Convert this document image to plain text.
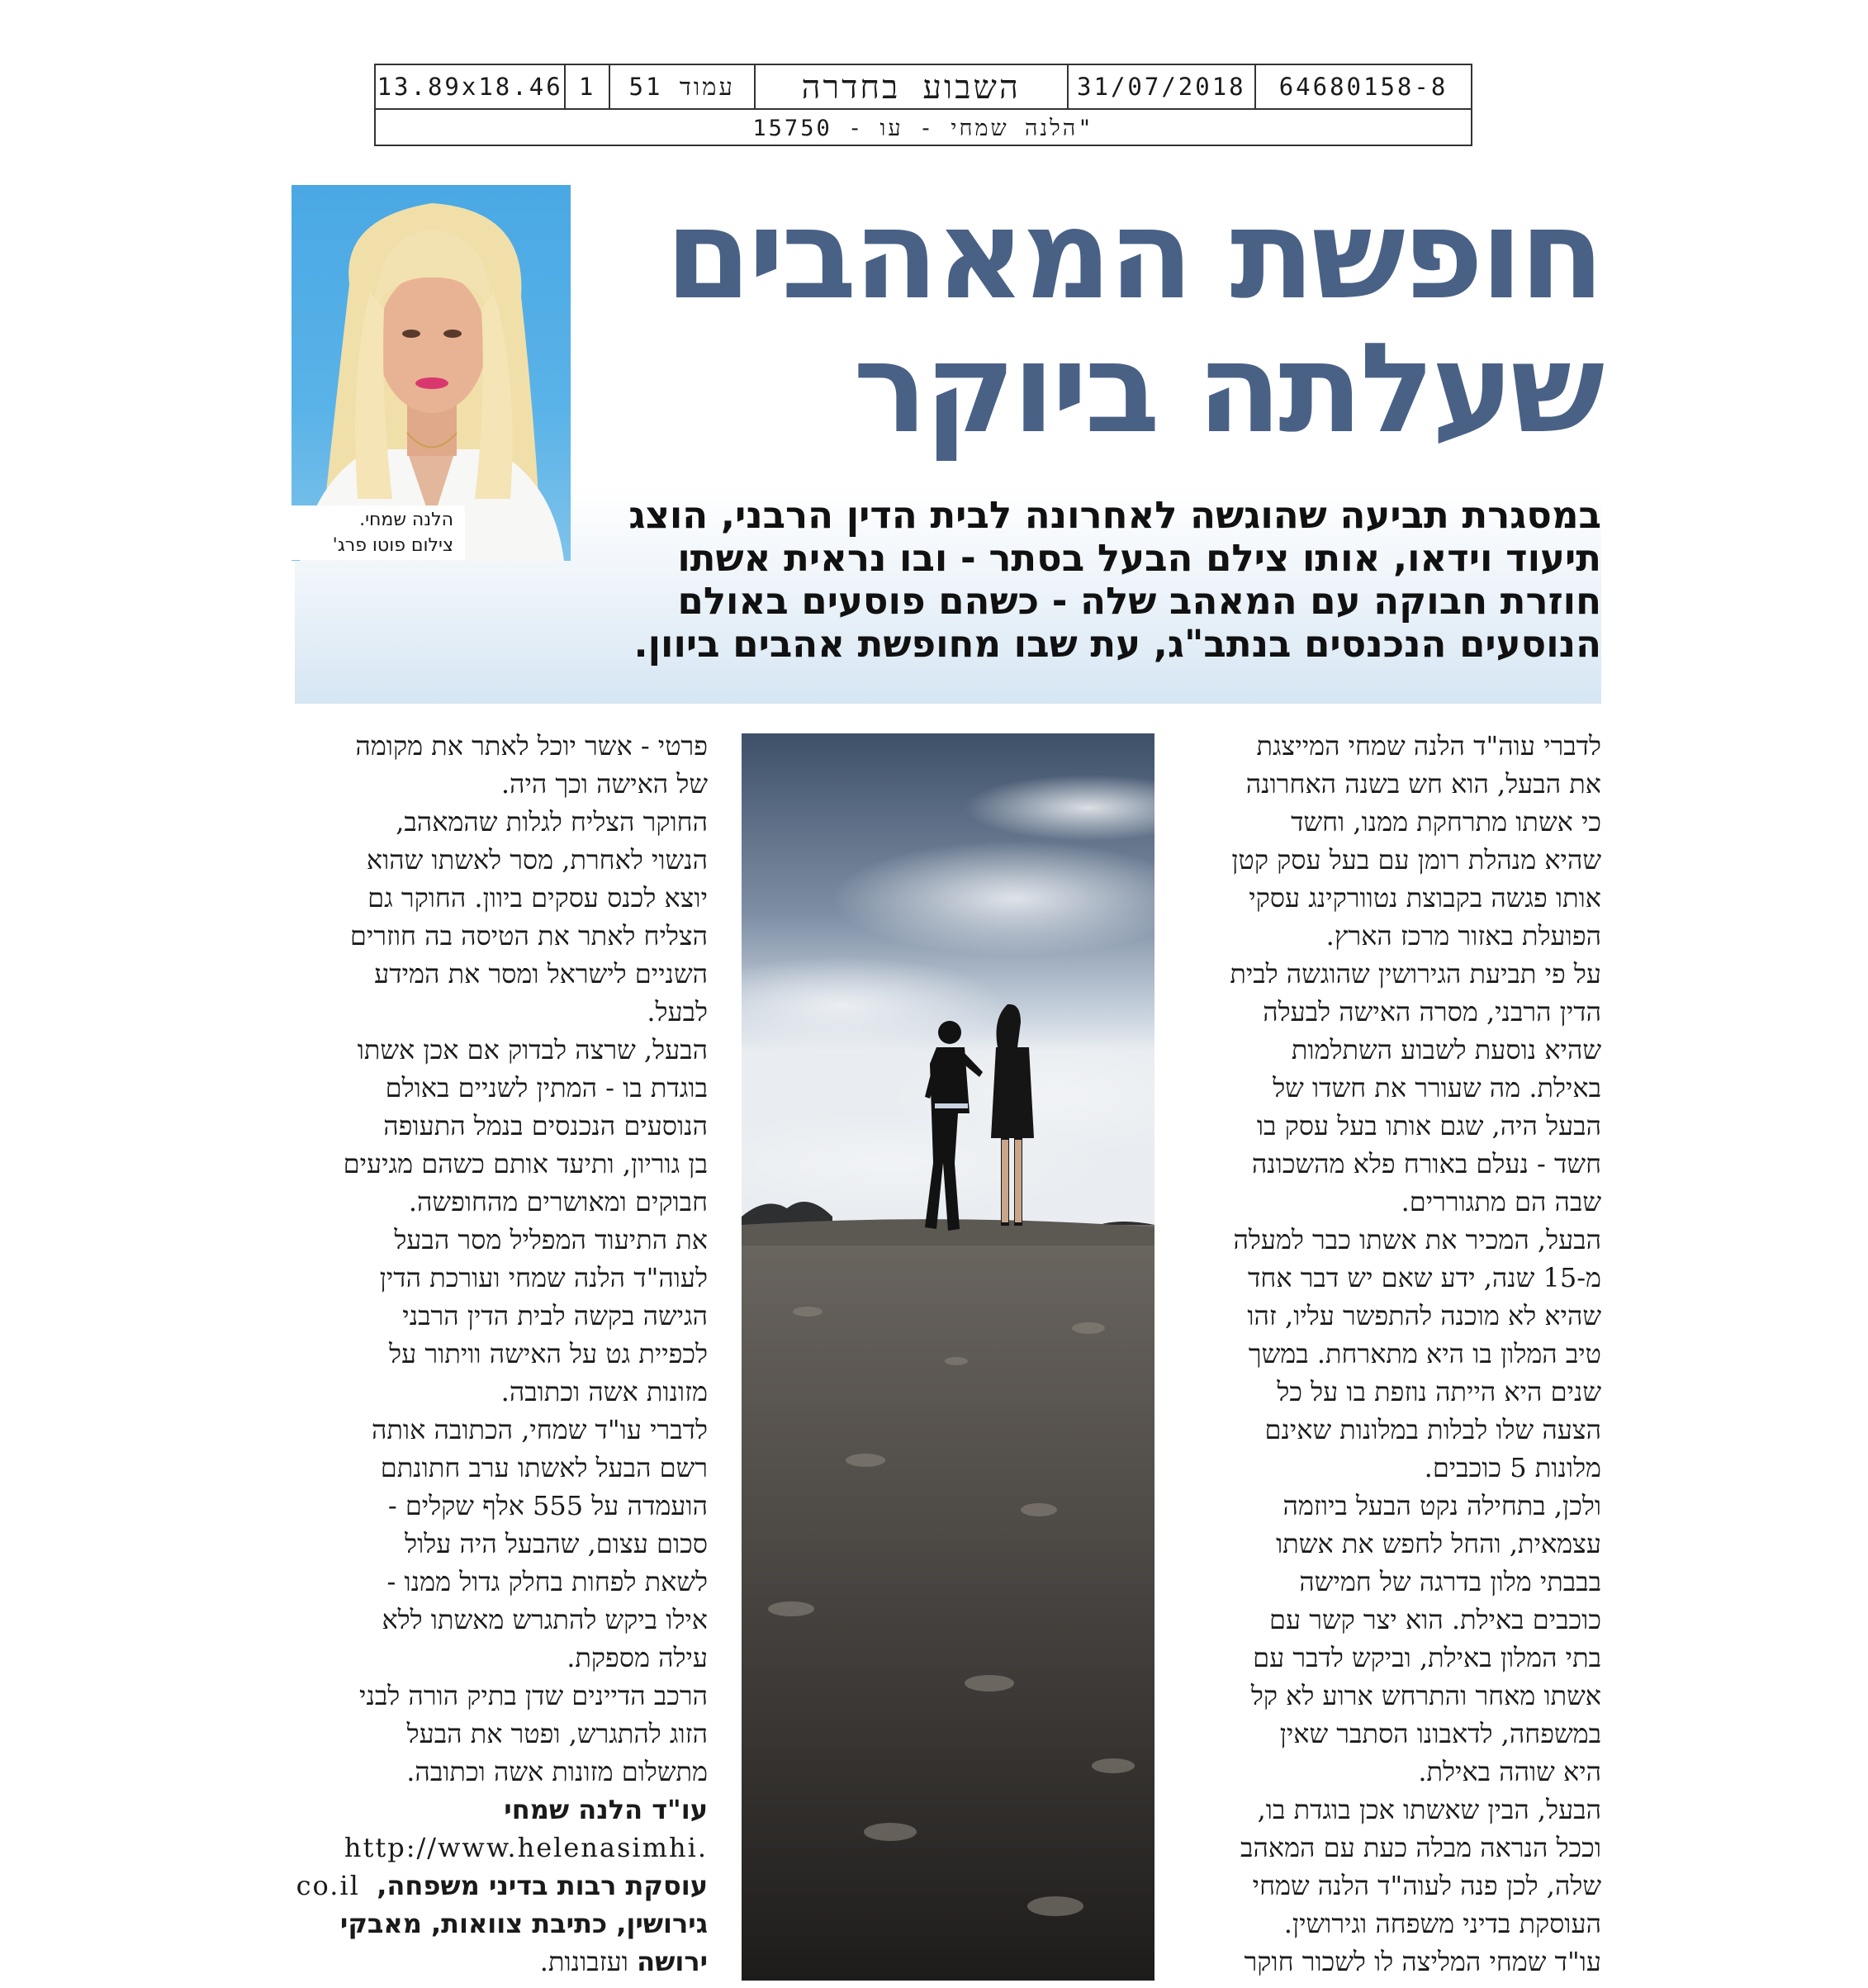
13.89x18.46 1	עמוד 51	השבוע בחדרה	31/07/2018	64680158-8
"הלנה שמחי - עו - 15750
חופשת המאהבים
שעלתה ביוקר
הלנה שמחי.
צילום פוטו פרג'
במסגרת תביעה שהוגשה לאחרונה לבית הדין הרבני, הוצג
תיעוד וידאו, אותו צילם הבעל בסתר - ובו נראית אשתו
חוזרת חבוקה עם המאהב שלה - כשהם פוסעים באולם
הנוסעים הנכנסים בנתב"ג, עת שבו מחופשת אהבים ביוון.
לדברי עוה"ד הלנה שמחי המייצגת
את הבעל, הוא חש בשנה האחרונה
כי אשתו מתרחקת ממנו, וחשד
שהיא מנהלת רומן עם בעל עסק קטן
אותו פגשה בקבוצת נטוורקינג עסקי
הפועלת באזור מרכז הארץ.
על פי תביעת הגירושין שהוגשה לבית
הדין הרבני, מסרה האישה לבעלה
שהיא נוסעת לשבוע השתלמות
באילת. מה שעורר את חשדו של
הבעל היה, שגם אותו בעל עסק בו
חשד - נעלם באורח פלא מהשכונה
שבה הם מתגוררים.
הבעל, המכיר את אשתו כבר למעלה
מ-15 שנה, ידע שאם יש דבר אחד
שהיא לא מוכנה להתפשר עליו, זהו
טיב המלון בו היא מתארחת. במשך
שנים היא הייתה נוזפת בו על כל
הצעה שלו לבלות במלונות שאינם
מלונות 5 כוכבים.
ולכן, בתחילה נקט הבעל ביוזמה
עצמאית, והחל לחפש את אשתו
בבבתי מלון בדרגה של חמישה
כוכבים באילת. הוא יצר קשר עם
בתי המלון באילת, וביקש לדבר עם
אשתו מאחר והתרחש ארוע לא קל
במשפחה, לדאבונו הסתבר שאין
היא שוהה באילת.
הבעל, הבין שאשתו אכן בוגדת בו,
וככל הנראה מבלה כעת עם המאהב
שלה, לכן פנה לעוה"ד הלנה שמחי
העוסקת בדיני משפחה וגירושין.
עו"ד שמחי המליצה לו לשכור חוקר
פרטי - אשר יוכל לאתר את מקומה
של האישה וכך היה.
החוקר הצליח לגלות שהמאהב,
הנשוי לאחרת, מסר לאשתו שהוא
יוצא לכנס עסקים ביוון. החוקר גם
הצליח לאתר את הטיסה בה חוזרים
השניים לישראל ומסר את המידע
לבעל.
הבעל, שרצה לבדוק אם אכן אשתו
בוגדת בו - המתין לשניים באולם
הנוסעים הנכנסים בנמל התעופה
בן גוריון, ותיעד אותם כשהם מגיעים
חבוקים ומאושרים מהחופשה.
את התיעוד המפליל מסר הבעל
לעוה"ד הלנה שמחי ועורכת הדין
הגישה בקשה לבית הדין הרבני
לכפיית גט על האישה וויתור על
מזונות אשה וכתובה.
לדברי עו"ד שמחי, הכתובה אותה
רשם הבעל לאשתו ערב חתונתם
הועמדה על 555 אלף שקלים -
סכום עצום, שהבעל היה עלול
לשאת לפחות בחלק גדול ממנו -
אילו ביקש להתגרש מאשתו ללא
עילה מספקת.
הרכב הדיינים שדן בתיק הורה לבני
הזוג להתגרש, ופטר את הבעל
מתשלום מזונות אשה וכתובה.
עו"ד הלנה שמחי
http://www.helenasimhi.
עוסקת רבות בדיני משפחה,  co.il
גירושין, כתיבת צוואות, מאבקי
ירושה ועזבונות.
